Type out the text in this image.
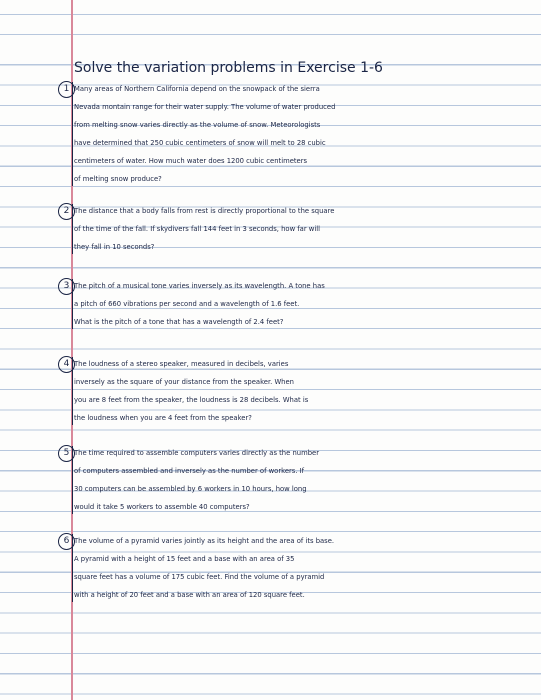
Solve the variation problems in Exercise 1-6
1 Many areas of Northern California depend on the snowpack of the sierra
Nevada montain range for their water supply. The volume of water produced
from melting snow varies directly as the volume of snow. Meteorologists
have determined that 250 cubic centimeters of snow will melt to 28 cubic
centimeters of water. How much water does 1200 cubic centimeters
of melting snow produce?
2 The distance that a body falls from rest is directly proportional to the square
of the time of the fall. If skydivers fall 144 feet in 3 seconds, how far will
they fall in 10 seconds?
3 The pitch of a musical tone varies inversely as its wavelength. A tone has
a pitch of 660 vibrations per second and a wavelength of 1.6 feet.
What is the pitch of a tone that has a wavelength of 2.4 feet?
4 The loudness of a stereo speaker, measured in decibels, varies
inversely as the square of your distance from the speaker. When
you are 8 feet from the speaker, the loudness is 28 decibels. What is
the loudness when you are 4 feet from the speaker?
5 The time required to assemble computers varies directly as the number
of computers assembled and inversely as the number of workers. If
30 computers can be assembled by 6 workers in 10 hours, how long
would it take 5 workers to assemble 40 computers?
6 The volume of a pyramid varies jointly as its height and the area of its base.
A pyramid with a height of 15 feet and a base with an area of 35
square feet has a volume of 175 cubic feet. Find the volume of a pyramid
with a height of 20 feet and a base with an area of 120 square feet.
